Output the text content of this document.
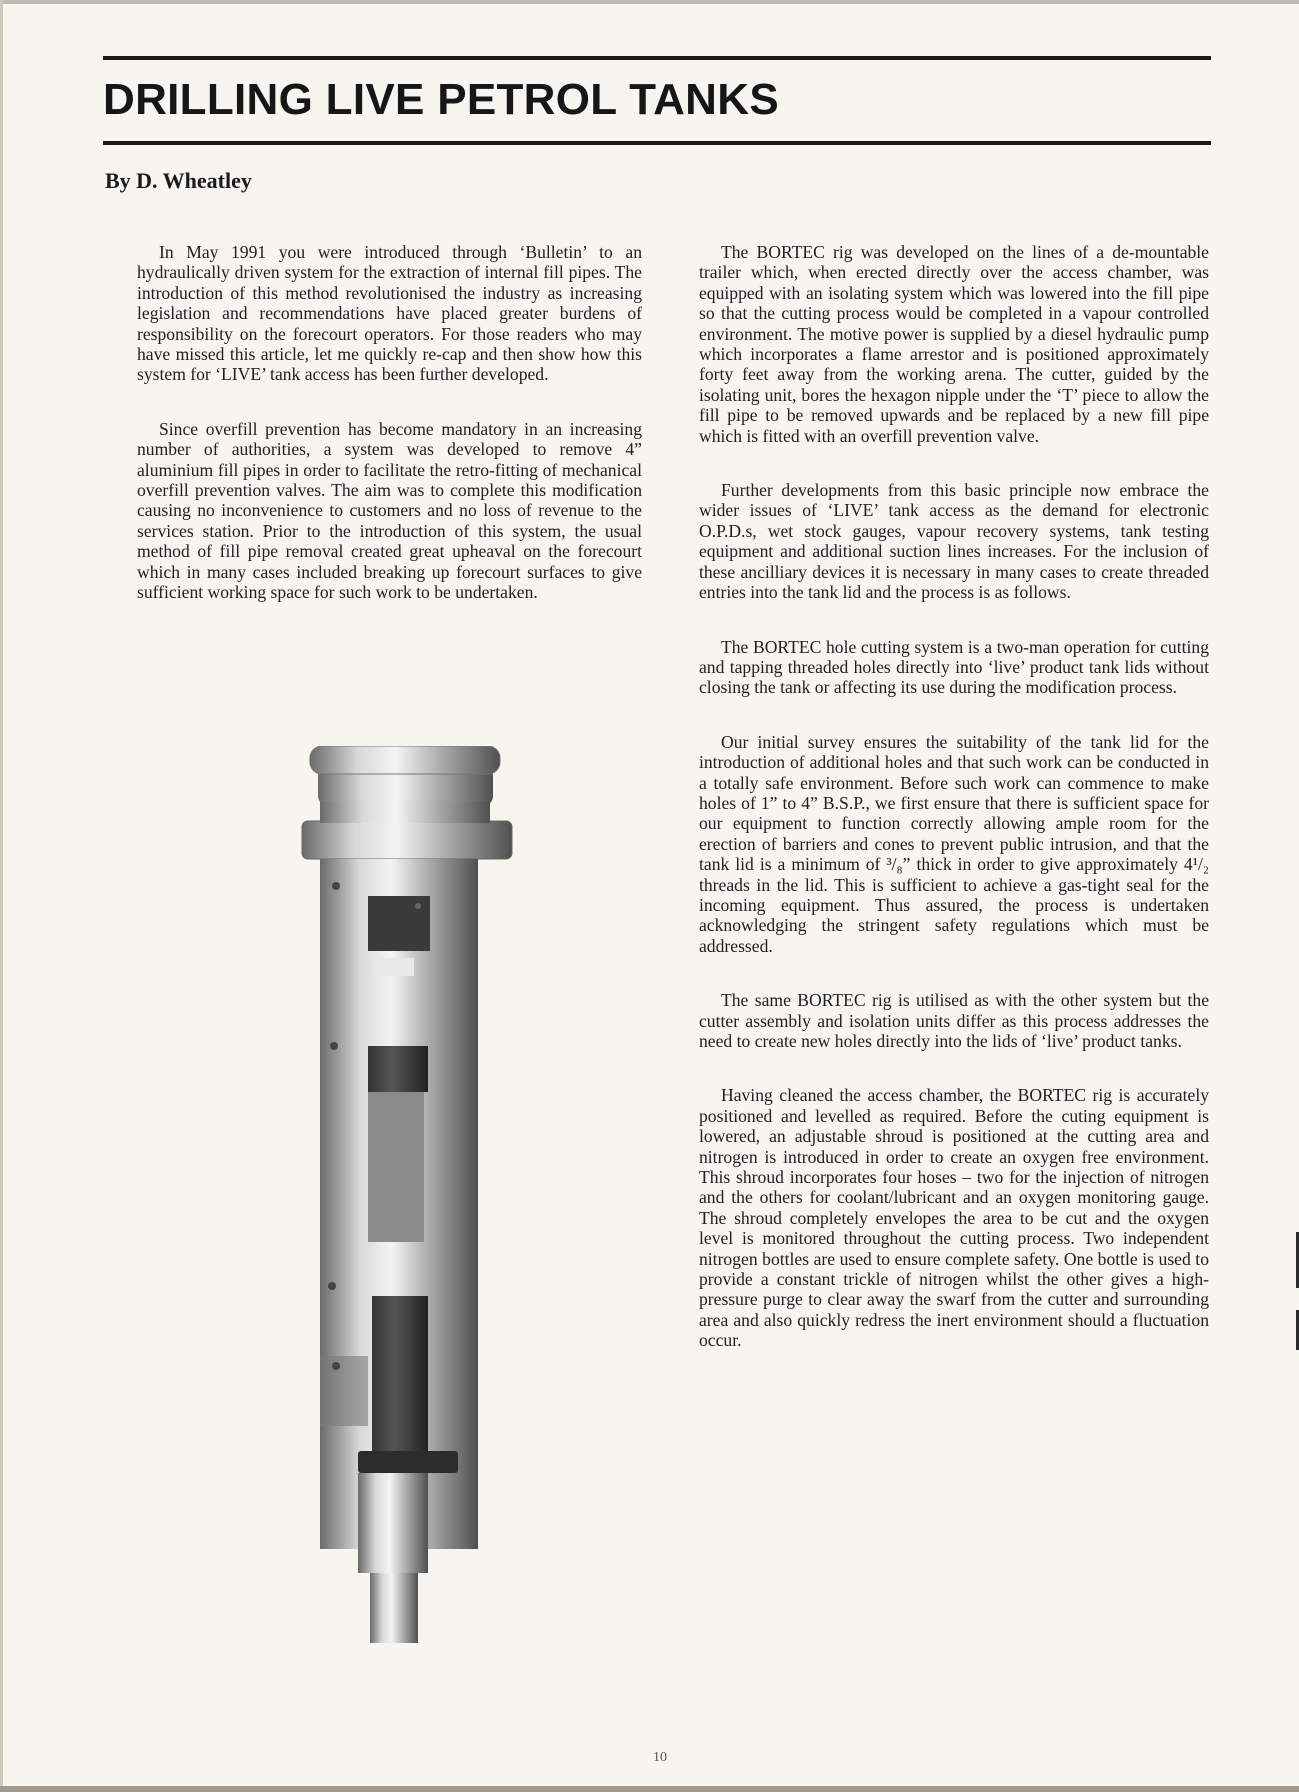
DRILLING LIVE PETROL TANKS

By D. Wheatley

In May 1991 you were introduced through ‘Bulletin’ to an hydraulically driven system for the extraction of internal fill pipes. The introduction of this method revolutionised the industry as increasing legislation and recommendations have placed greater burdens of responsibility on the forecourt operators. For those readers who may have missed this article, let me quickly re-cap and then show how this system for ‘LIVE’ tank access has been further developed.

Since overfill prevention has become mandatory in an increasing number of authorities, a system was developed to remove 4” aluminium fill pipes in order to facilitate the retro-fitting of mechanical overfill prevention valves. The aim was to complete this modification causing no inconvenience to customers and no loss of revenue to the services station. Prior to the introduction of this system, the usual method of fill pipe removal created great upheaval on the forecourt which in many cases included breaking up forecourt surfaces to give sufficient working space for such work to be undertaken.

The BORTEC rig was developed on the lines of a de-mountable trailer which, when erected directly over the access chamber, was equipped with an isolating system which was lowered into the fill pipe so that the cutting process would be completed in a vapour controlled environment. The motive power is supplied by a diesel hydraulic pump which incorporates a flame arrestor and is positioned approximately forty feet away from the working arena. The cutter, guided by the isolating unit, bores the hexagon nipple under the ‘T’ piece to allow the fill pipe to be removed upwards and be replaced by a new fill pipe which is fitted with an overfill prevention valve.

Further developments from this basic principle now embrace the wider issues of ‘LIVE’ tank access as the demand for electronic O.P.D.s, wet stock gauges, vapour recovery systems, tank testing equipment and additional suction lines increases. For the inclusion of these ancilliary devices it is necessary in many cases to create threaded entries into the tank lid and the process is as follows.

The BORTEC hole cutting system is a two-man operation for cutting and tapping threaded holes directly into ‘live’ product tank lids without closing the tank or affecting its use during the modification process.

Our initial survey ensures the suitability of the tank lid for the introduction of additional holes and that such work can be conducted in a totally safe environment. Before such work can commence to make holes of 1” to 4” B.S.P., we first ensure that there is sufficient space for our equipment to function correctly allowing ample room for the erection of barriers and cones to prevent public intrusion, and that the tank lid is a minimum of ³/₈” thick in order to give approximately 4¹/₂ threads in the lid. This is sufficient to achieve a gas-tight seal for the incoming equipment. Thus assured, the process is undertaken acknowledging the stringent safety regulations which must be addressed.

The same BORTEC rig is utilised as with the other system but the cutter assembly and isolation units differ as this process addresses the need to create new holes directly into the lids of ‘live’ product tanks.

Having cleaned the access chamber, the BORTEC rig is accurately positioned and levelled as required. Before the cuting equipment is lowered, an adjustable shroud is positioned at the cutting area and nitrogen is introduced in order to create an oxygen free environment. This shroud incorporates four hoses – two for the injection of nitrogen and the others for coolant/lubricant and an oxygen monitoring gauge. The shroud completely envelopes the area to be cut and the oxygen level is monitored throughout the cutting process. Two independent nitrogen bottles are used to ensure complete safety. One bottle is used to provide a constant trickle of nitrogen whilst the other gives a high-pressure purge to clear away the swarf from the cutter and surrounding area and also quickly redress the inert environment should a fluctuation occur.

10
